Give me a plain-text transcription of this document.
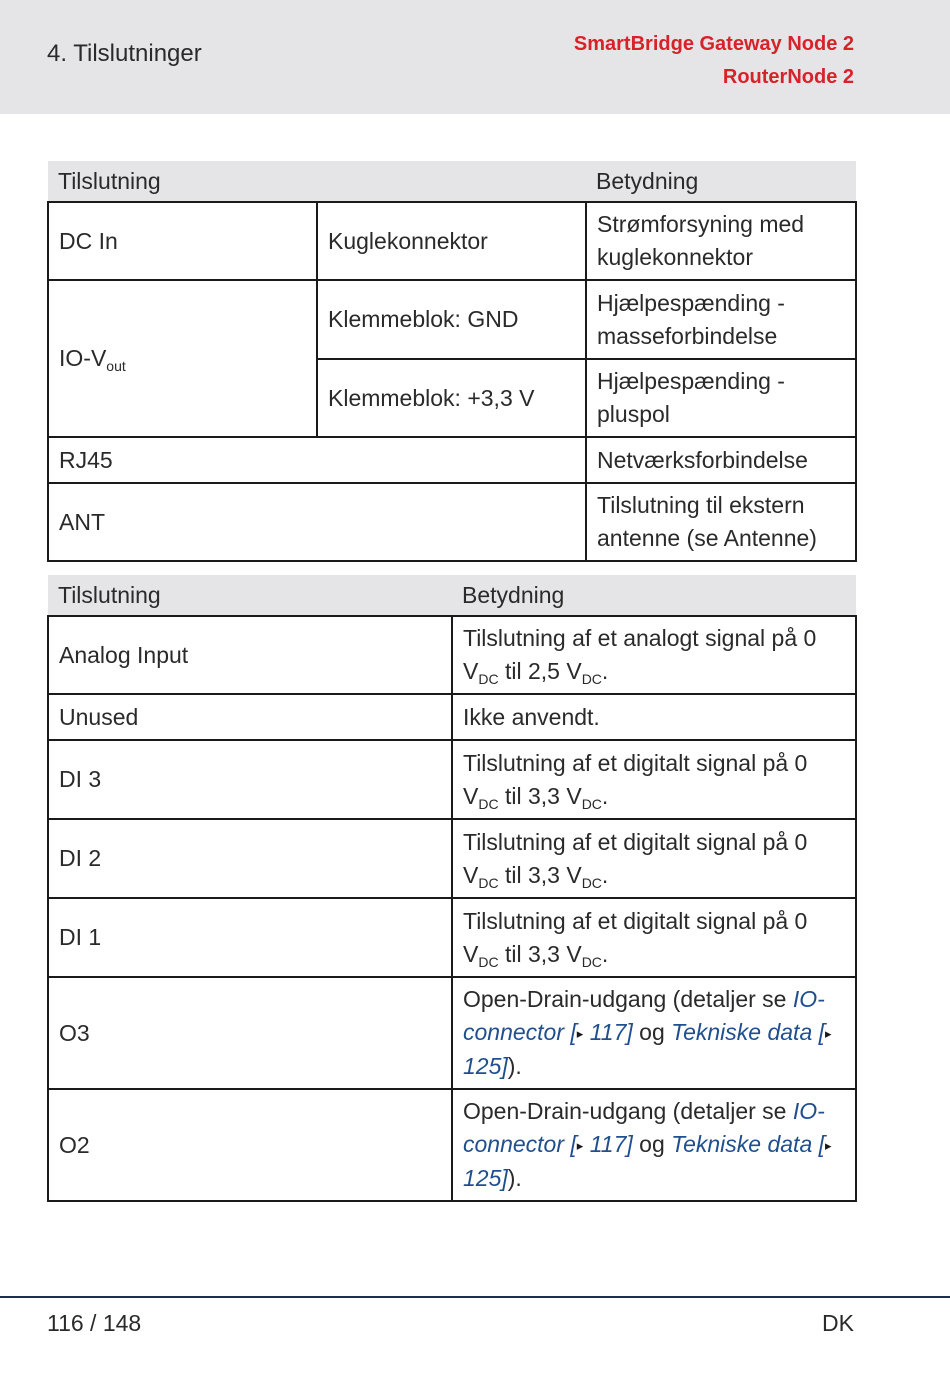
4. Tilslutninger	SmartBridge Gateway Node 2
RouterNode 2
Tilslutning		Betydning
DC In	Kuglekonnektor	Strømforsyning med kuglekonnektor
$IO-V_{out}$	Klemmeblok: GND	Hjælpespænding - masseforbindelse
	Klemmeblok: +3,3 V	Hjælpespænding - pluspol
RJ45		Netværksforbindelse
ANT		Tilslutning til ekstern antenne (se Antenne)
Tilslutning	Betydning
Analog Input	Tilslutning af et analogt signal på 0 $V_{DC}$ til 2,5 $V_{DC}$.
Unused	Ikke anvendt.
DI 3	Tilslutning af et digitalt signal på 0 $V_{DC}$ til 3,3 $V_{DC}$.
DI 2	Tilslutning af et digitalt signal på 0 $V_{DC}$ til 3,3 $V_{DC}$.
DI 1	Tilslutning af et digitalt signal på 0 $V_{DC}$ til 3,3 $V_{DC}$.
O3	Open-Drain-udgang (detaljer se IO-connector [▸ 117] og Tekniske data [▸ 125]).
O2	Open-Drain-udgang (detaljer se IO-connector [▸ 117] og Tekniske data [▸ 125]).
116 / 148	DK
